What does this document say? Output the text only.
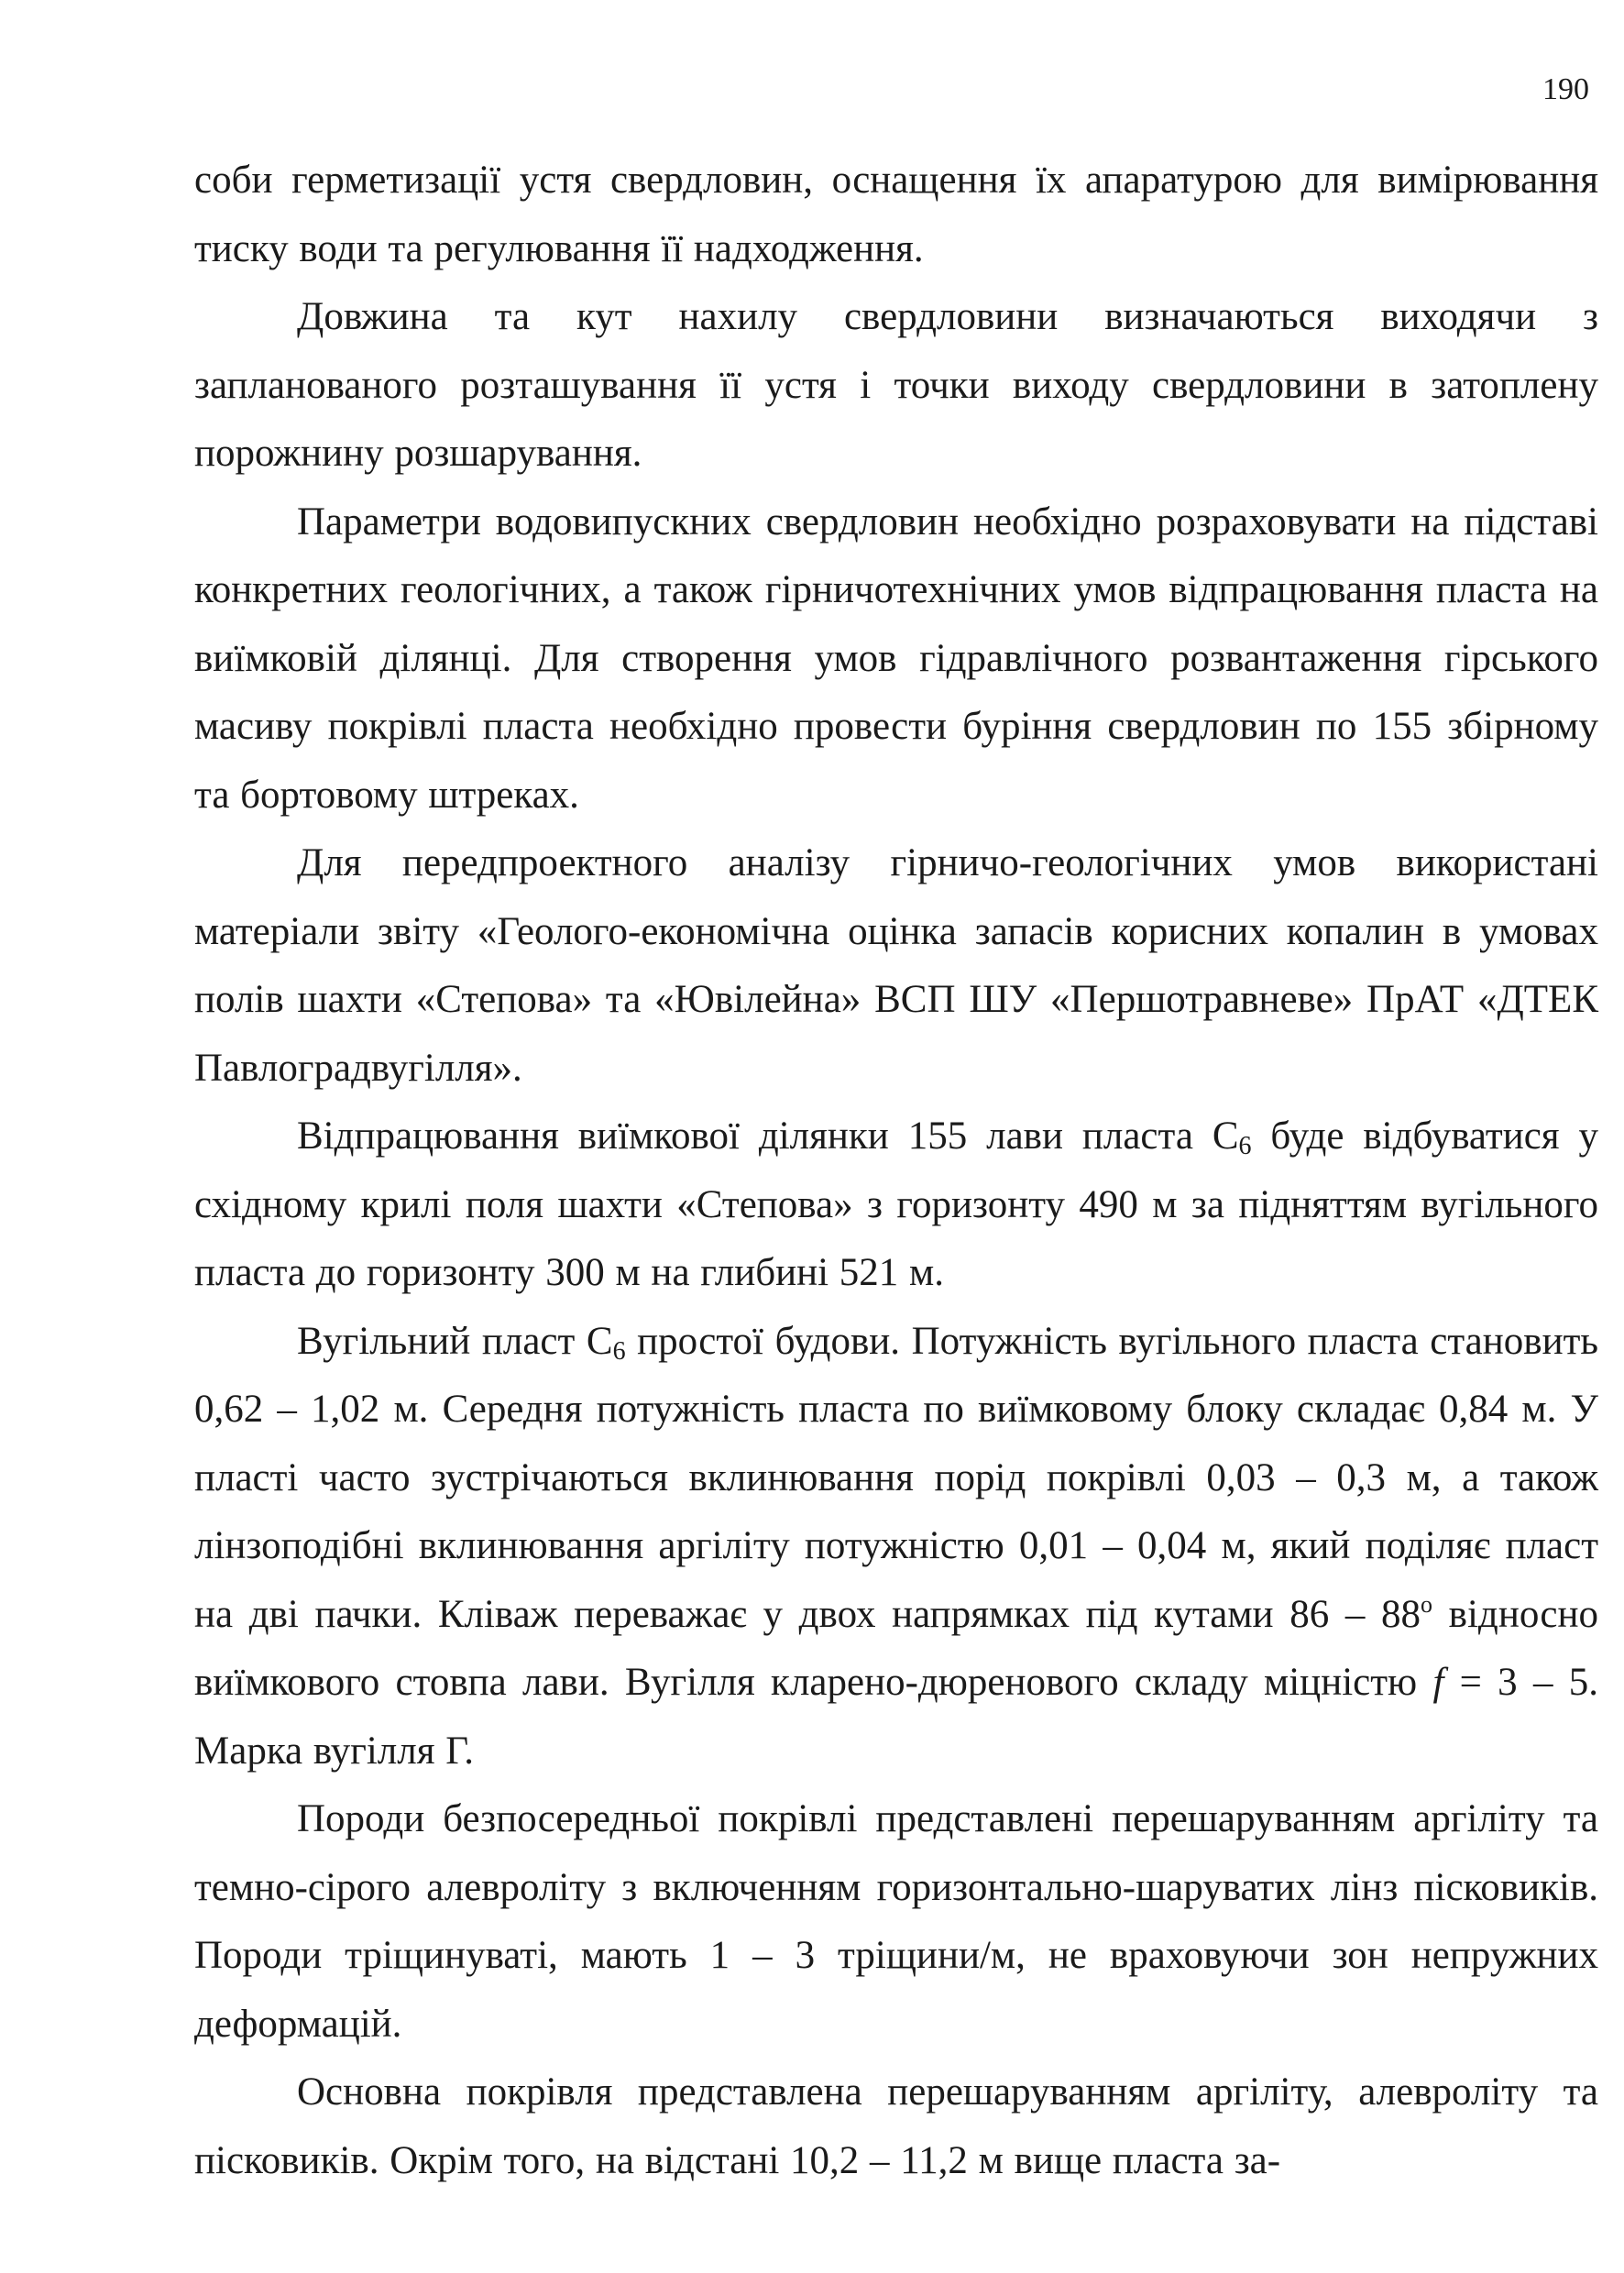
190

соби герметизації устя свердловин, оснащення їх апаратурою для вимірювання тиску води та регулювання її надходження.

Довжина та кут нахилу свердловини визначаються виходячи з запланованого розташування її устя і точки виходу свердловини в затоплену порожнину розшарування.

Параметри водовипускних свердловин необхідно розраховувати на підставі конкретних геологічних, а також гірничотехнічних умов відпрацювання пласта на виїмковій ділянці. Для створення умов гідравлічного розвантаження гірського масиву покрівлі пласта необхідно провести буріння свердловин по 155 збірному та бортовому штреках.

Для передпроектного аналізу гірничо-геологічних умов використані матеріали звіту «Геолого-економічна оцінка запасів корисних копалин в умовах полів шахти «Степова» та «Ювілейна» ВСП ШУ «Першотравневе» ПрАТ «ДТЕК Павлоградвугілля».

Відпрацювання виїмкової ділянки 155 лави пласта $С_6$ буде відбуватися у східному крилі поля шахти «Степова» з горизонту 490 м за підняттям вугільного пласта до горизонту 300 м на глибині 521 м.

Вугільний пласт $С_6$ простої будови. Потужність вугільного пласта становить 0,62 – 1,02 м. Середня потужність пласта по виїмковому блоку складає 0,84 м. У пласті часто зустрічаються вклинювання порід покрівлі 0,03 – 0,3 м, а також лінзоподібні вклинювання аргіліту потужністю 0,01 – 0,04 м, який поділяє пласт на дві пачки. Кліваж переважає у двох напрямках під кутами $86 - 88^о$ відносно виїмкового стовпа лави. Вугілля кларено-дюренового складу міцністю f = 3 – 5. Марка вугілля Г.

Породи безпосередньої покрівлі представлені перешаруванням аргіліту та темно-сірого алевроліту з включенням горизонтально-шаруватих лінз пісковиків. Породи тріщинуваті, мають 1 – 3 тріщини/м, не враховуючи зон непружних деформацій.

Основна покрівля представлена перешаруванням аргіліту, алевроліту та пісковиків. Окрім того, на відстані 10,2 – 11,2 м вище пласта за-
